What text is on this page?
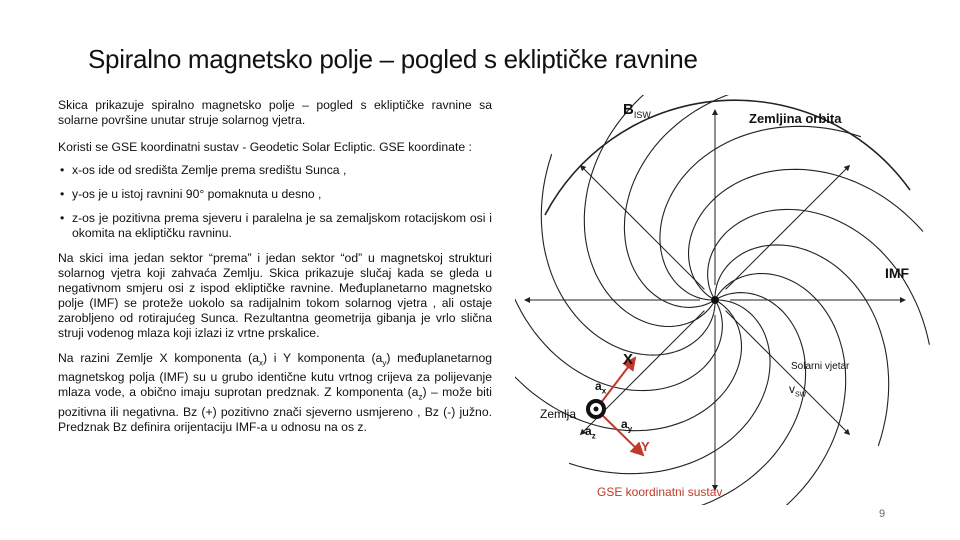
Spiralno magnetsko polje – pogled s ekliptičke ravnine

Skica prikazuje spiralno magnetsko polje – pogled s ekliptičke ravnine sa solarne površine unutar struje solarnog vjetra.

Koristi se GSE koordinatni sustav - Geodetic Solar Ecliptic. GSE koordinate :

• x-os ide od središta Zemlje prema središtu Sunca ,
• y-os je u istoj ravnini 90° pomaknuta u desno ,
• z-os je pozitivna prema sjeveru i paralelna je sa zemaljskom rotacijskom osi i okomita na ekliptičku ravninu.

Na skici ima jedan sektor “prema” i jedan sektor “od” u magnetskoj strukturi solarnog vjetra koji zahvaća Zemlju. Skica prikazuje slučaj kada se gleda u negativnom smjeru osi z ispod ekliptičke ravnine. Međuplanetarno magnetsko polje (IMF) se proteže uokolo sa radijalnim tokom solarnog vjetra , ali ostaje zarobljeno od rotirajućeg Sunca. Rezultantna geometrija gibanja je vrlo slična struji vodenog mlaza koji izlazi iz vrtne prskalice.

Na razini Zemlje X komponenta $(a_x)$ i Y komponenta $(a_y)$ međuplanetarnog magnetskog polja (IMF) su u grubo identične kutu vrtnog crijeva za polijevanje mlaza vode, a obično imaju suprotan predznak. Z komponenta $(a_z)$ – može biti pozitivna ili negativna. Bz (+) pozitivno znači sjeverno usmjereno , Bz (-) južno. Predznak Bz definira orijentaciju IMF-a u odnosu na os z.

$B_{ISW}$	Zemljina orbita
IMF
X	Solarni vjetar
$v_{SW}$
$a_x$
Zemlja
$a_z$
$a_y$
Y
GSE koordinatni sustav
9
